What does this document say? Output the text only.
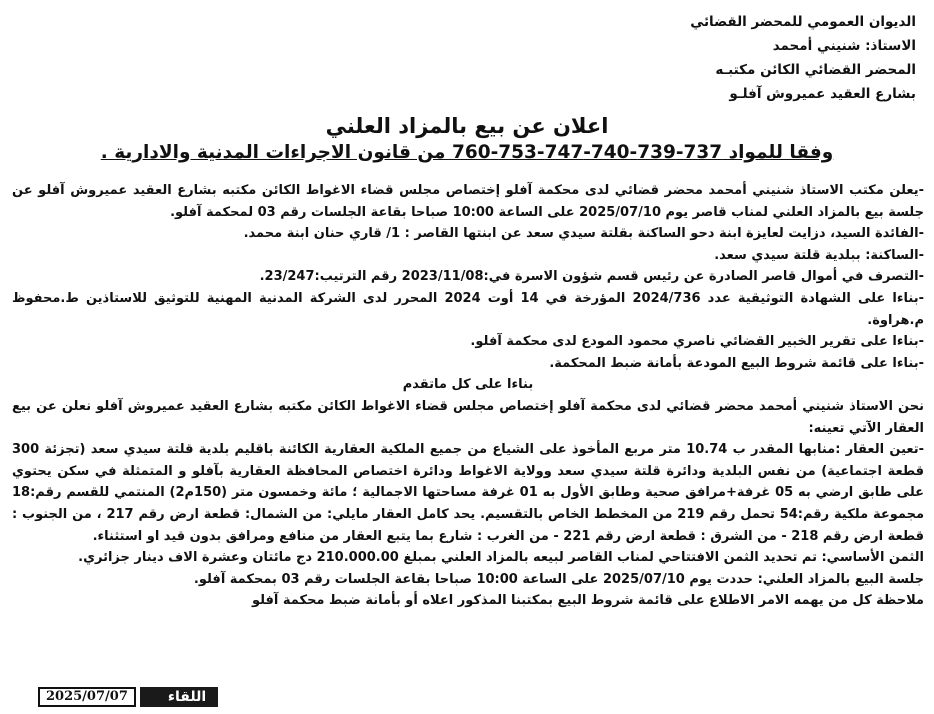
الديوان العمومي للمحضر القضائي
الاستاذ: شنيني أمحمد
المحضر القضائي الكائن مكتبـه
بشارع العقيد عميروش آفلـو
اعلان عن بيع بالمزاد العلني
وفقا للمواد 737-739-740-747-753-760 من قانون الاجراءات المدنية والادارية .

-يعلن مكتب الاستاذ شنيني أمحمد محضر قضائي لدى محكمة آفلو إختصاص مجلس قضاء الاغواط الكائن مكتبه بشارع العقيد عميروش آفلو عن جلسة بيع بالمزاد العلني لمناب قاصر يوم 2025/07/10 على الساعة 10:00 صباحا بقاعة الجلسات رقم 03 لمحكمة آفلو.

-الفائدة السيد، دزايت لعايزة ابنة دحو الساكنة بقلتة سيدي سعد عن ابنتها القاصر : 1/ قاري حنان ابنة محمد.

-الساكنة: ببلدية قلتة سيدي سعد.

-التصرف في أموال قاصر الصادرة عن رئيس قسم شؤون الاسرة في:2023/11/08 رقم الترتيب:23/247.

-بناءا على الشهادة التوثيقية عدد 2024/736 المؤرخة في 14 أوت 2024 المحرر لدى الشركة المدنية المهنية للتوثيق للاستاذين ط.محفوظ م.هراوة.

-بناءا على تقرير الخبير القضائي ناصري محمود المودع لدى محكمة آفلو.

-بناءا على قائمة شروط البيع المودعة بأمانة ضبط المحكمة.

بناءا على كل ماتقدم

نحن الاستاذ شنيني أمحمد محضر قضائي لدى محكمة آفلو إختصاص مجلس قضاء الاغواط الكائن مكتبه بشارع العقيد عميروش آفلو نعلن عن بيع العقار الآتي تعينه:

-تعين العقار :منابها المقدر ب 10.74 متر مربع المأخوذ على الشياع من جميع الملكية العقارية الكائنة باقليم بلدية قلتة سيدي سعد (تجزئة 300 قطعة اجتماعية) من نفس البلدية ودائرة قلتة سيدي سعد وولاية الاغواط ودائرة اختصاص المحافظة العقارية بآفلو و المتمثلة في سكن يحتوي على طابق ارضي به 05 غرفة+مرافق صحية وطابق الأول به 01 غرفة مساحتها الاجمالية ؛ مائة وخمسون متر (150م2) المنتمي للقسم رقم:18 مجموعة ملكية رقم:54 تحمل رقم 219 من المخطط الخاص بالتقسيم. يحد كامل العقار مايلي: من الشمال: قطعة ارض رقم 217 ، من الجنوب : قطعة ارض رقم 218 - من الشرق : قطعة ارض رقم 221 - من الغرب : شارع بما يتبع العقار من منافع ومرافق بدون قيد او استثناء.

الثمن الأساسي: تم تحديد الثمن الافتتاحي لمناب القاصر لبيعه بالمزاد العلني بمبلغ 210.000.00 دج مائتان وعشرة الاف دينار جزائري.

جلسة البيع بالمزاد العلني: حددت يوم 2025/07/10 على الساعة 10:00 صباحا بقاعة الجلسات رقم 03 بمحكمة آفلو.

ملاحظة كل من يهمه الامر الاطلاع على قائمة شروط البيع بمكتبنا المذكور اعلاه أو بأمانة ضبط محكمة آفلو

2025/07/07	اللقاء
